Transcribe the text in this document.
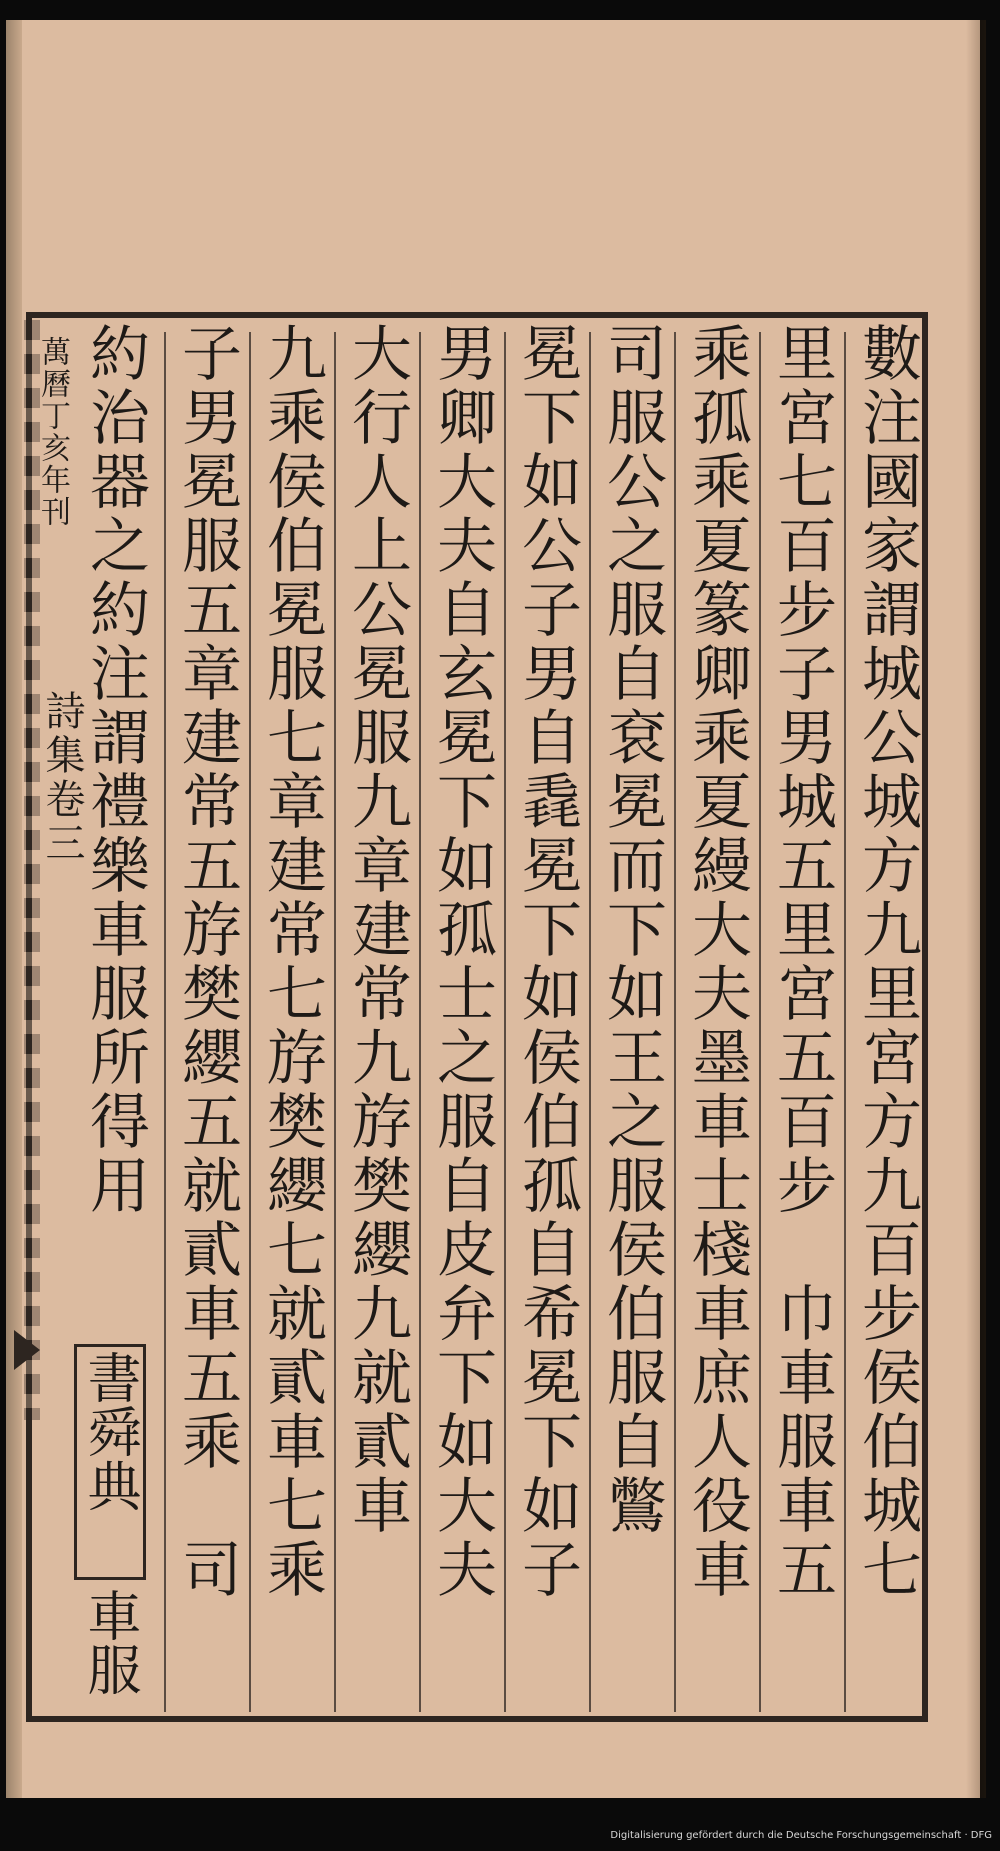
數注國家謂城公城方九里宮方九百步侯伯城七
里宮七百步子男城五里宮五百步　巾車服車五
乘孤乘夏篆卿乘夏縵大夫墨車士棧車庶人役車
司服公之服自袞冕而下如王之服侯伯服自鷩
冕下如公子男自毳冕下如侯伯孤自希冕下如子
男卿大夫自玄冕下如孤士之服自皮弁下如大夫
大行人上公冕服九章建常九斿樊纓九就貳車
九乘侯伯冕服七章建常七斿樊纓七就貳車七乘
子男冕服五章建常五斿樊纓五就貳車五乘　司
約治器之約注謂禮樂車服所得用
萬曆丁亥年刊
詩集卷三
書舜典
車服
Digitalisierung gefördert durch die Deutsche Forschungsgemeinschaft · DFG
